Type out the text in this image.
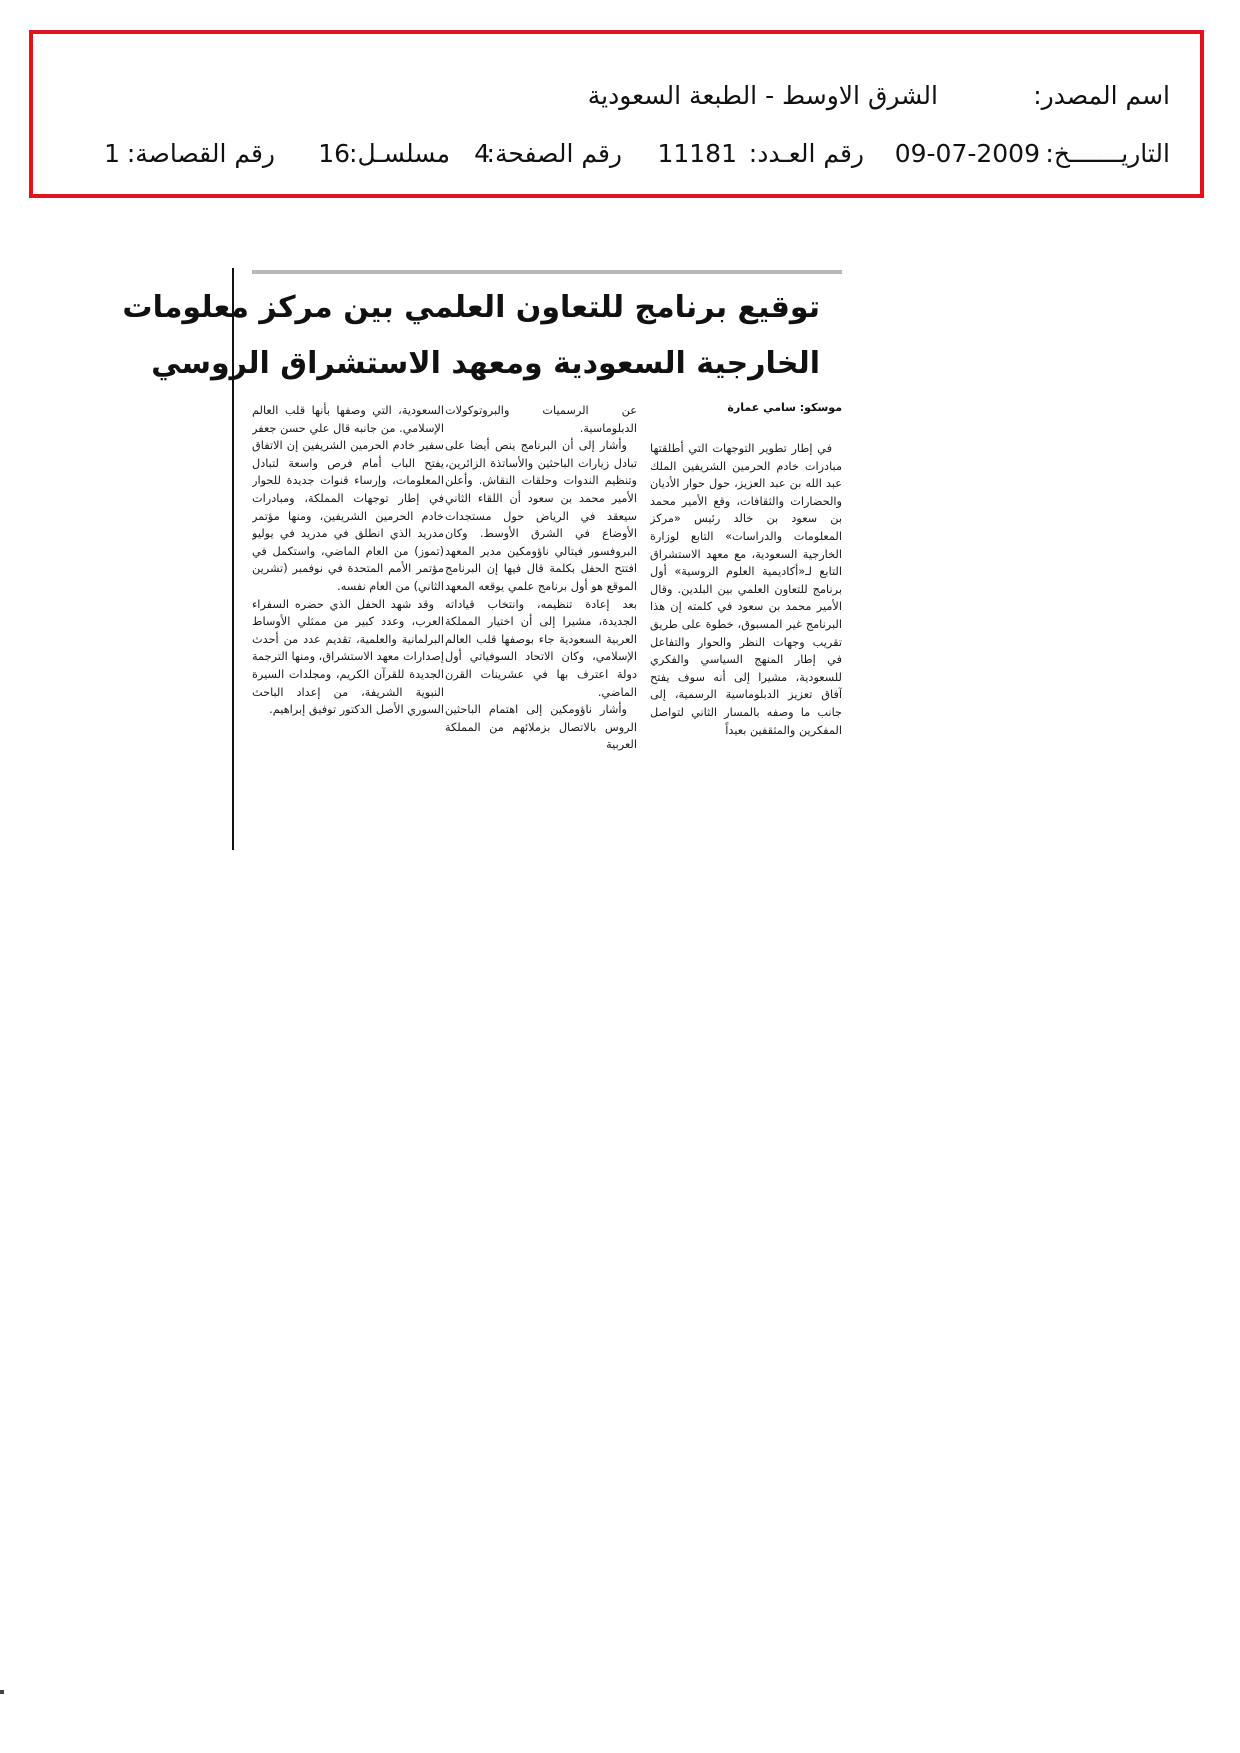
اسم المصدر:
الشرق الاوسط - الطبعة السعودية
التاريـــــــخ:
09-07-2009
رقم العـدد:
11181
رقم الصفحة:
4
مسلسـل:
16
رقم القصاصة:
1
توقيع برنامج للتعاون العلمي بين مركز معلومات
الخارجية السعودية ومعهد الاستشراق الروسي
موسكو: سامي عمارة

في إطار تطوير التوجهات التي أطلقتها مبادرات خادم الحرمين الشريفين الملك عبد الله بن عبد العزيز، حول حوار الأديان والحضارات والثقافات، وقع الأمير محمد بن سعود بن خالد رئيس «مركز المعلومات والدراسات» التابع لوزارة الخارجية السعودية، مع معهد الاستشراق التابع لـ«أكاديمية العلوم الروسية» أول برنامج للتعاون العلمي بين البلدين. وقال الأمير محمد بن سعود في كلمته إن هذا البرنامج غير المسبوق، خطوة على طريق تقريب وجهات النظر والحوار والتفاعل في إطار المنهج السياسي والفكري للسعودية، مشيرا إلى أنه سوف يفتح آفاق تعزيز الدبلوماسية الرسمية، إلى جانب ما وصفه بالمسار الثاني لتواصل المفكرين والمثقفين بعيداً

عن الرسميات والبروتوكولات الدبلوماسية.

وأشار إلى أن البرنامج ينص أيضا على تبادل زيارات الباحثين والأساتذة الزائرين، وتنظيم الندوات وحلقات النقاش. وأعلن الأمير محمد بن سعود أن اللقاء الثاني سيعقد في الرياض حول مستجدات الأوضاع في الشرق الأوسط. وكان البروفسور فيتالي ناؤومكين مدير المعهد افتتح الحفل بكلمة قال فيها إن البرنامج الموقع هو أول برنامج علمي يوقعه المعهد بعد إعادة تنظيمه، وانتخاب قياداته الجديدة، مشيرا إلى أن اختيار المملكة العربية السعودية جاء بوصفها قلب العالم الإسلامي، وكان الاتحاد السوفياتي أول دولة اعترف بها في عشرينات القرن الماضي.

وأشار ناؤومكين إلى اهتمام الباحثين الروس بالاتصال بزملائهم من المملكة العربية

السعودية، التي وصفها بأنها قلب العالم الإسلامي. من جانبه قال علي حسن جعفر سفير خادم الحرمين الشريفين إن الاتفاق يفتح الباب أمام فرص واسعة لتبادل المعلومات، وإرساء قنوات جديدة للحوار في إطار توجهات المملكة، ومبادرات خادم الحرمين الشريفين، ومنها مؤتمر مدريد الذي انطلق في مدريد في يوليو (تموز) من العام الماضي، واستكمل في مؤتمر الأمم المتحدة في نوفمبر (تشرين الثاني) من العام نفسه.

وقد شهد الحفل الذي حضره السفراء العرب، وعدد كبير من ممثلي الأوساط البرلمانية والعلمية، تقديم عدد من أحدث إصدارات معهد الاستشراق، ومنها الترجمة الجديدة للقرآن الكريم، ومجلدات السيرة النبوية الشريفة، من إعداد الباحث السوري الأصل الدكتور توفيق إبراهيم.
